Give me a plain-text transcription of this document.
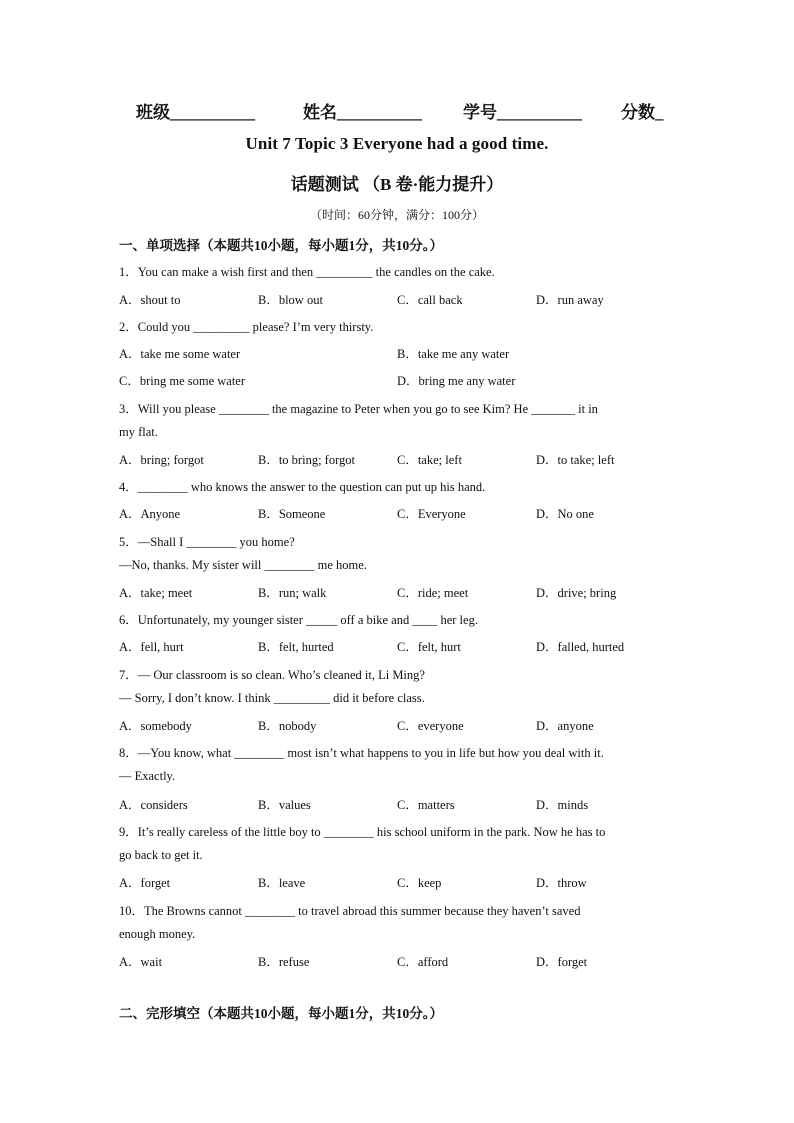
班级__________	姓名__________ 学号__________ 分数_
Unit 7 Topic 3 Everyone had a good time.
话题测试 （B 卷·能力提升）
（时间：60分钟，满分：100分）
一、单项选择（本题共10小题，每小题1分，共10分。）
1．You can make a wish first and then _________ the candles on the cake.
A．shout to	B．blow out	C．call back	D．run away
2．Could you _________ please? I’m very thirsty.
A．take me some water	B．take me any water
C．bring me some water	D．bring me any water
3．Will you please ________ the magazine to Peter when you go to see Kim? He _______ it in
my flat.
A．bring; forgot	B．to bring; forgot	C．take; left	D．to take; left
4．________ who knows the answer to the question can put up his hand.
A．Anyone	B．Someone	C．Everyone	D．No one
5．—Shall I ________ you home?
—No, thanks. My sister will ________ me home.
A．take; meet	B．run; walk	C．ride; meet	D．drive; bring
6．Unfortunately, my younger sister _____ off a bike and ____ her leg.
A．fell, hurt	B．felt, hurted	C．felt, hurt	D．falled, hurted
7．— Our classroom is so clean. Who’s cleaned it, Li Ming?
— Sorry, I don’t know. I think _________ did it before class.
A．somebody	B．nobody	C．everyone	D．anyone
8．—You know, what ________ most isn’t what happens to you in life but how you deal with it.
— Exactly.
A．considers	B．values	C．matters	D．minds
9．It’s really careless of the little boy to ________ his school uniform in the park. Now he has to
go back to get it.
A．forget	B．leave	C．keep	D．throw
10．The Browns cannot ________ to travel abroad this summer because they haven’t saved
enough money.
A．wait	B．refuse	C．afford	D．forget
二、完形填空（本题共10小题，每小题1分，共10分。）
